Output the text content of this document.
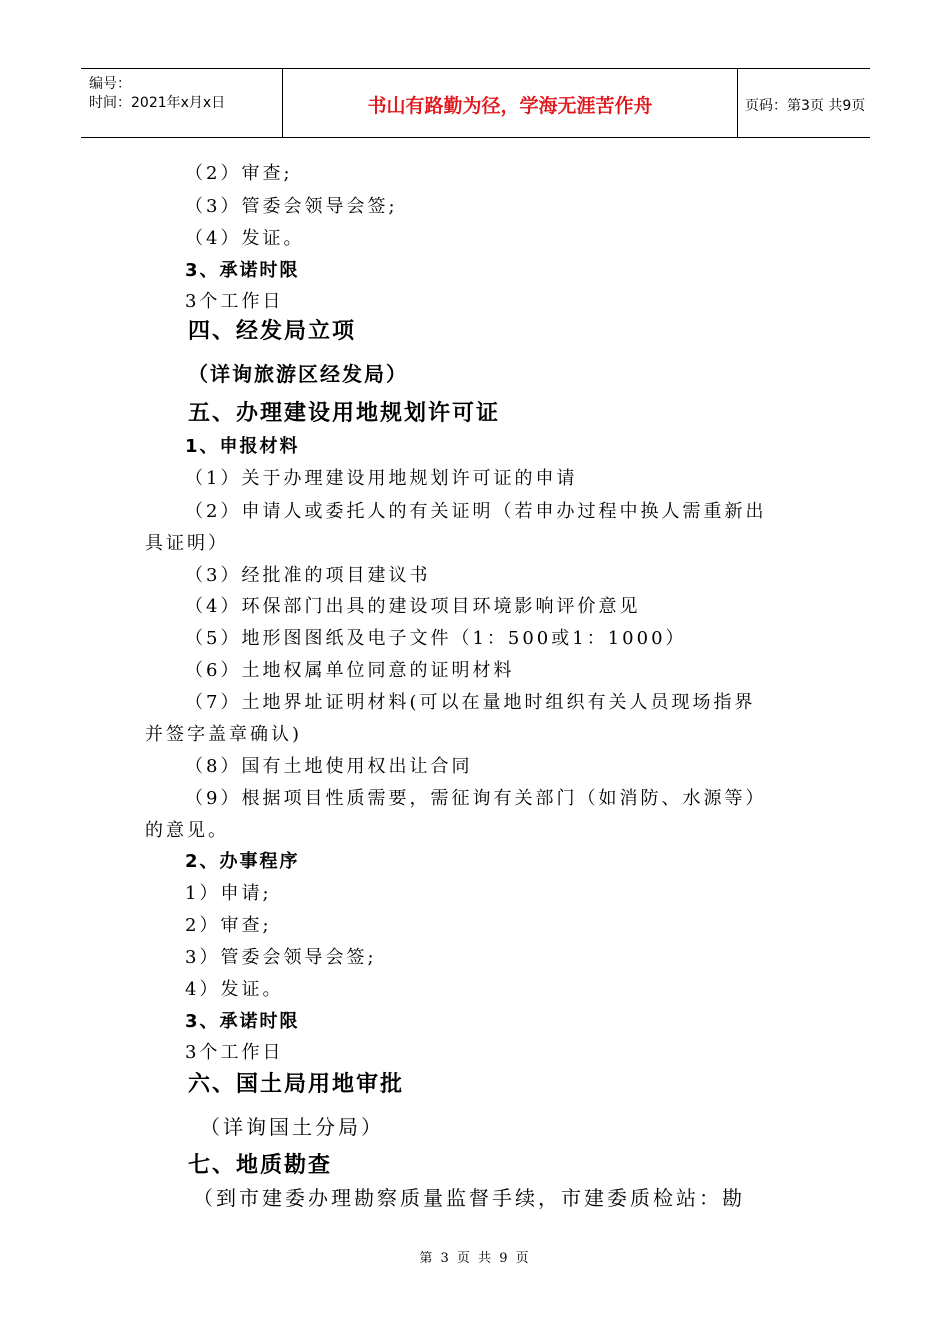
编号：
时间：2021年x月x日	书山有路勤为径，学海无涯苦作舟	页码：第3页 共9页
（2）审查;
（3）管委会领导会签;
（4）发证。
3、承诺时限
3个工作日
四、经发局立项
（详询旅游区经发局）
五、办理建设用地规划许可证
1、申报材料
（1）关于办理建设用地规划许可证的申请
（2）申请人或委托人的有关证明（若申办过程中换人需重新出
具证明）
（3）经批准的项目建议书
（4）环保部门出具的建设项目环境影响评价意见
（5）地形图图纸及电子文件（1：500或1：1000）
（6）土地权属单位同意的证明材料
（7）土地界址证明材料(可以在量地时组织有关人员现场指界
并签字盖章确认)
（8）国有土地使用权出让合同
（9）根据项目性质需要，需征询有关部门（如消防、水源等）
的意见。
2、办事程序
1）申请;
2）审查;
3）管委会领导会签;
4）发证。
3、承诺时限
3个工作日
六、国土局用地审批
（详询国土分局）
七、地质勘查
（到市建委办理勘察质量监督手续，市建委质检站：勘
第 3 页 共 9 页
